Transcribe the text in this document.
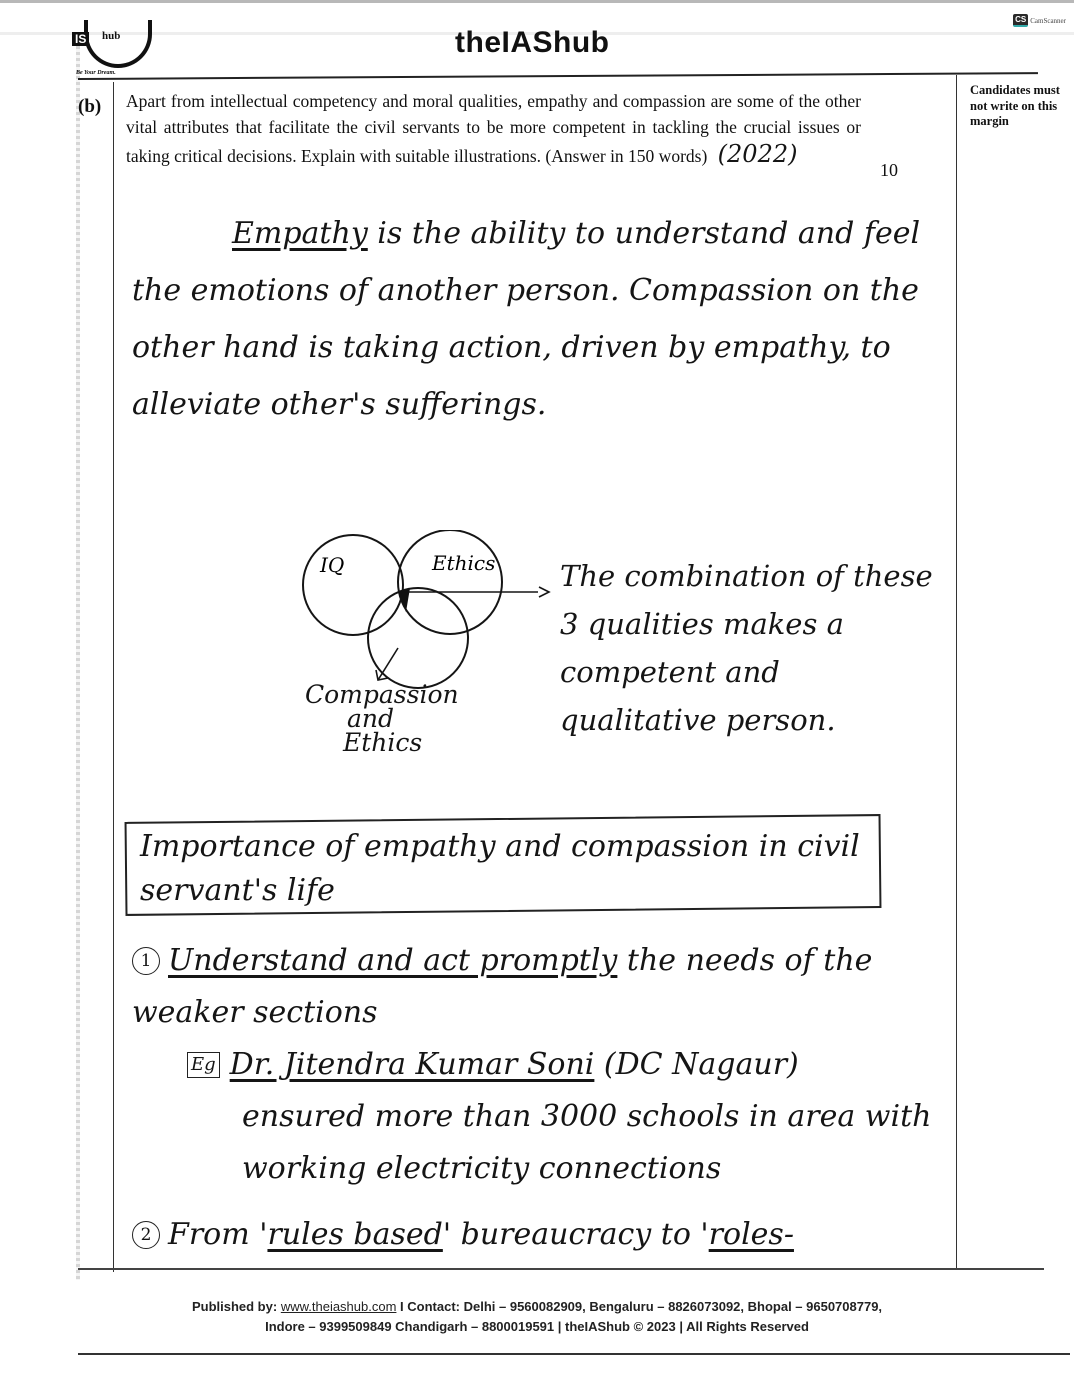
CS CamScanner
IS hub
Be Your Dream.
theIAShub
Candidates must not write on this margin
(b) Apart from intellectual competency and moral qualities, empathy and compassion are some of the other vital attributes that facilitate the civil servants to be more competent in tackling the crucial issues or taking critical decisions. Explain with suitable illustrations. (Answer in 150 words) (2022)
10
Empathy is the ability to understand and feel the emotions of another person. Compassion on the other hand is taking action, driven by empathy, to alleviate other's sufferings.
IQ	Ethics
Compassion
and
Ethics
The combination of these 3 qualities makes a competent and qualitative person.
Importance of empathy and compassion in civil servant's life
1 Understand and act promptly the needs of the weaker sections
Eg Dr. Jitendra Kumar Soni (DC Nagaur)
ensured more than 3000 schools in area with working electricity connections
2 From 'rules based' bureaucracy to 'roles-
Published by: www.theiashub.com I Contact: Delhi – 9560082909, Bengaluru – 8826073092, Bhopal – 9650708779,
Indore – 9399509849 Chandigarh – 8800019591 | theIAShub © 2023 | All Rights Reserved
